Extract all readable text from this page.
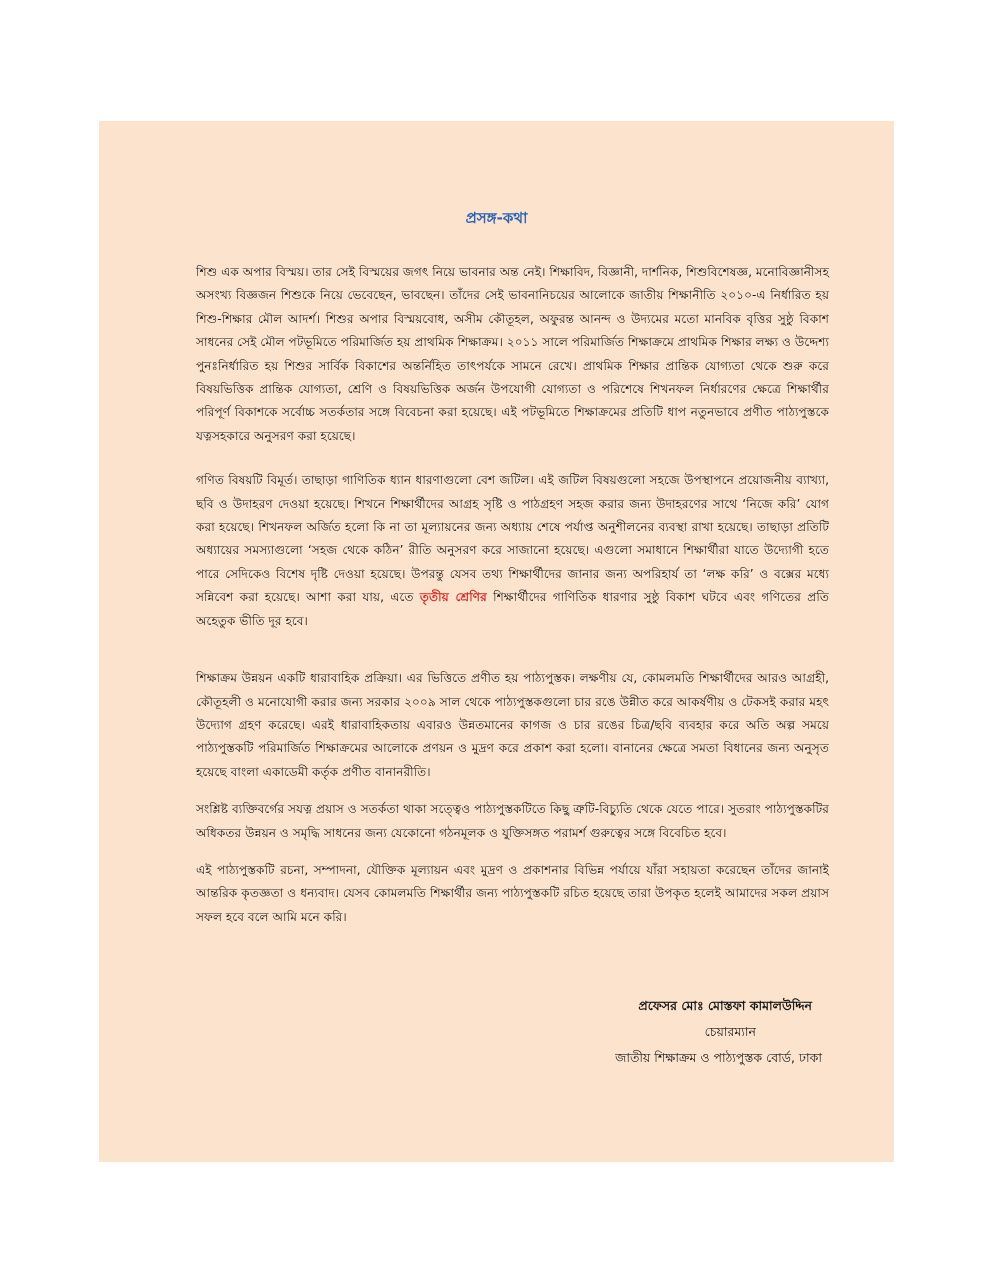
প্রসঙ্গ-কথা

শিশু এক অপার বিস্ময়। তার সেই বিস্ময়ের জগৎ নিয়ে ভাবনার অন্ত নেই। শিক্ষাবিদ, বিজ্ঞানী, দার্শনিক, শিশুবিশেষজ্ঞ, মনোবিজ্ঞানীসহ অসংখ্য বিজ্ঞজন শিশুকে নিয়ে ভেবেছেন, ভাবছেন। তাঁদের সেই ভাবনানিচয়ের আলোকে জাতীয় শিক্ষানীতি ২০১০-এ নির্ধারিত হয় শিশু-শিক্ষার মৌল আদর্শ। শিশুর অপার বিস্ময়বোধ, অসীম কৌতূহল, অফুরন্ত আনন্দ ও উদ্যমের মতো মানবিক বৃত্তির সুষ্ঠু বিকাশ সাধনের সেই মৌল পটভূমিতে পরিমার্জিত হয় প্রাথমিক শিক্ষাক্রম। ২০১১ সালে পরিমার্জিত শিক্ষাক্রমে প্রাথমিক শিক্ষার লক্ষ্য ও উদ্দেশ্য পুনঃনির্ধারিত হয় শিশুর সার্বিক বিকাশের অন্তর্নিহিত তাৎপর্যকে সামনে রেখে। প্রাথমিক শিক্ষার প্রান্তিক যোগ্যতা থেকে শুরু করে বিষয়ভিত্তিক প্রান্তিক যোগ্যতা, শ্রেণি ও বিষয়ভিত্তিক অর্জন উপযোগী যোগ্যতা ও পরিশেষে শিখনফল নির্ধারণের ক্ষেত্রে শিক্ষার্থীর পরিপূর্ণ বিকাশকে সর্বোচ্চ সতর্কতার সঙ্গে বিবেচনা করা হয়েছে। এই পটভূমিতে শিক্ষাক্রমের প্রতিটি ধাপ নতুনভাবে প্রণীত পাঠ্যপুস্তকে যত্নসহকারে অনুসরণ করা হয়েছে।

গণিত বিষয়টি বিমূর্ত। তাছাড়া গাণিতিক ধ্যান ধারণাগুলো বেশ জটিল। এই জটিল বিষয়গুলো সহজে উপস্থাপনে প্রয়োজনীয় ব্যাখ্যা, ছবি ও উদাহরণ দেওয়া হয়েছে। শিখনে শিক্ষার্থীদের আগ্রহ সৃষ্টি ও পাঠগ্রহণ সহজ করার জন্য উদাহরণের সাথে ‘নিজে করি’ যোগ করা হয়েছে। শিখনফল অর্জিত হলো কি না তা মূল্যায়নের জন্য অধ্যায় শেষে পর্যাপ্ত অনুশীলনের ব্যবস্থা রাখা হয়েছে। তাছাড়া প্রতিটি অধ্যায়ের সমস্যাগুলো ‘সহজ থেকে কঠিন’ রীতি অনুসরণ করে সাজানো হয়েছে। এগুলো সমাধানে শিক্ষার্থীরা যাতে উদ্যোগী হতে পারে সেদিকেও বিশেষ দৃষ্টি দেওয়া হয়েছে। উপরন্তু যেসব তথ্য শিক্ষার্থীদের জানার জন্য অপরিহার্য তা ‘লক্ষ করি’ ও বক্সের মধ্যে সন্নিবেশ করা হয়েছে। আশা করা যায়, এতে তৃতীয় শ্রেণির শিক্ষার্থীদের গাণিতিক ধারণার সুষ্ঠু বিকাশ ঘটবে এবং গণিতের প্রতি অহেতুক ভীতি দূর হবে।

শিক্ষাক্রম উন্নয়ন একটি ধারাবাহিক প্রক্রিয়া। এর ভিত্তিতে প্রণীত হয় পাঠ্যপুস্তক। লক্ষণীয় যে, কোমলমতি শিক্ষার্থীদের আরও আগ্রহী, কৌতূহলী ও মনোযোগী করার জন্য সরকার ২০০৯ সাল থেকে পাঠ্যপুস্তকগুলো চার রঙে উন্নীত করে আকর্ষণীয় ও টেকসই করার মহৎ উদ্যোগ গ্রহণ করেছে। এরই ধারাবাহিকতায় এবারও উন্নতমানের কাগজ ও চার রঙের চিত্র/ছবি ব্যবহার করে অতি অল্প সময়ে পাঠ্যপুস্তকটি পরিমার্জিত শিক্ষাক্রমের আলোকে প্রণয়ন ও মুদ্রণ করে প্রকাশ করা হলো। বানানের ক্ষেত্রে সমতা বিধানের জন্য অনুসৃত হয়েছে বাংলা একাডেমী কর্তৃক প্রণীত বানানরীতি।

সংশ্লিষ্ট ব্যক্তিবর্গের সযত্ন প্রয়াস ও সতর্কতা থাকা সত্ত্বেও পাঠ্যপুস্তকটিতে কিছু ত্রুটি-বিচ্যুতি থেকে যেতে পারে। সুতরাং পাঠ্যপুস্তকটির অধিকতর উন্নয়ন ও সমৃদ্ধি সাধনের জন্য যেকোনো গঠনমূলক ও যুক্তিসঙ্গত পরামর্শ গুরুত্বের সঙ্গে বিবেচিত হবে।

এই পাঠ্যপুস্তকটি রচনা, সম্পাদনা, যৌক্তিক মূল্যায়ন এবং মুদ্রণ ও প্রকাশনার বিভিন্ন পর্যায়ে যাঁরা সহায়তা করেছেন তাঁদের জানাই আন্তরিক কৃতজ্ঞতা ও ধন্যবাদ। যেসব কোমলমতি শিক্ষার্থীর জন্য পাঠ্যপুস্তকটি রচিত হয়েছে তারা উপকৃত হলেই আমাদের সকল প্রয়াস সফল হবে বলে আমি মনে করি।

প্রফেসর মোঃ মোস্তফা কামালউদ্দিন
চেয়ারম্যান
জাতীয় শিক্ষাক্রম ও পাঠ্যপুস্তক বোর্ড, ঢাকা
